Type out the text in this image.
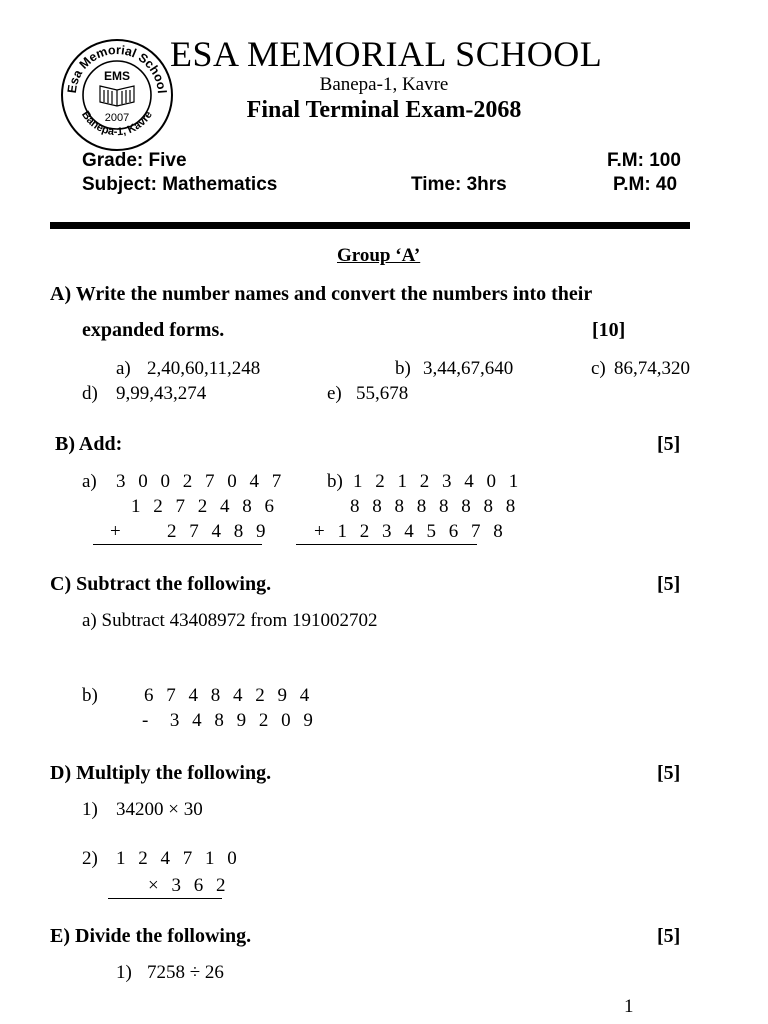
Esa Memorial School
Banepa-1, Kavre
EMS
2007
ESA MEMORIAL SCHOOL
Banepa-1, Kavre
Final Terminal Exam-2068
Grade: Five
Subject: Mathematics	Time: 3hrs
F.M: 100
P.M: 40
Group ‘A’
A) Write the number names and convert the numbers into their
expanded forms.	[10]
a) 2,40,60,11,248	b) 3,44,67,640	c) 86,74,320
d) 9,99,43,274	e) 55,678
B) Add:	[5]
a) 3 0 0 2 7 0 4 7
1 2 7 2 4 8 6
+ 2 7 4 8 9
b) 1 2 1 2 3 4 0 1
8 8 8 8 8 8 8 8
+ 1 2 3 4 5 6 7 8
C) Subtract the following.	[5]
a) Subtract 43408972 from 191002702
b) 6 7 4 8 4 2 9 4
-  3 4 8 9 2 0 9
D) Multiply the following.	[5]
1) 34200 × 30
2) 1 2 4 7 1 0
× 3 6 2
E) Divide the following.	[5]
1) 7258 ÷ 26
1
